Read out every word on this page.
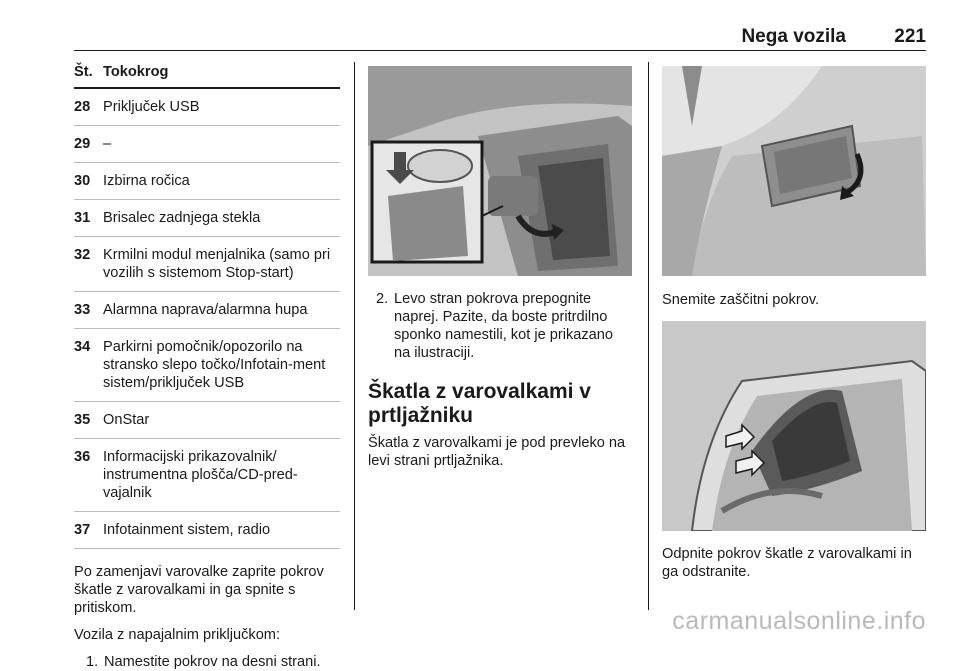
Nega vozila	221
Št. Tokokrog
28 Priključek USB
29 –
30 Izbirna ročica
31 Brisalec zadnjega stekla
32 Krmilni modul menjalnika (samo pri vozilih s sistemom Stop-start)
33 Alarmna naprava/alarmna hupa
34 Parkirni pomočnik/opozorilo na stransko slepo točko/Infotain-ment sistem/priključek USB
35 OnStar
36 Informacijski prikazovalnik/ instrumentna plošča/CD-pred-vajalnik
37 Infotainment sistem, radio

Po zamenjavi varovalke zaprite pokrov škatle z varovalkami in ga spnite s pritiskom.

Vozila z napajalnim priključkom:

1. Namestite pokrov na desni strani.
2. Levo stran pokrova prepognite naprej. Pazite, da boste pritrdilno sponko namestili, kot je prikazano na ilustraciji.
Škatla z varovalkami v prtljažniku

Škatla z varovalkami je pod prevleko na levi strani prtljažnika.

Snemite zaščitni pokrov.

Odpnite pokrov škatle z varovalkami in ga odstranite.

carmanualsonline.info
